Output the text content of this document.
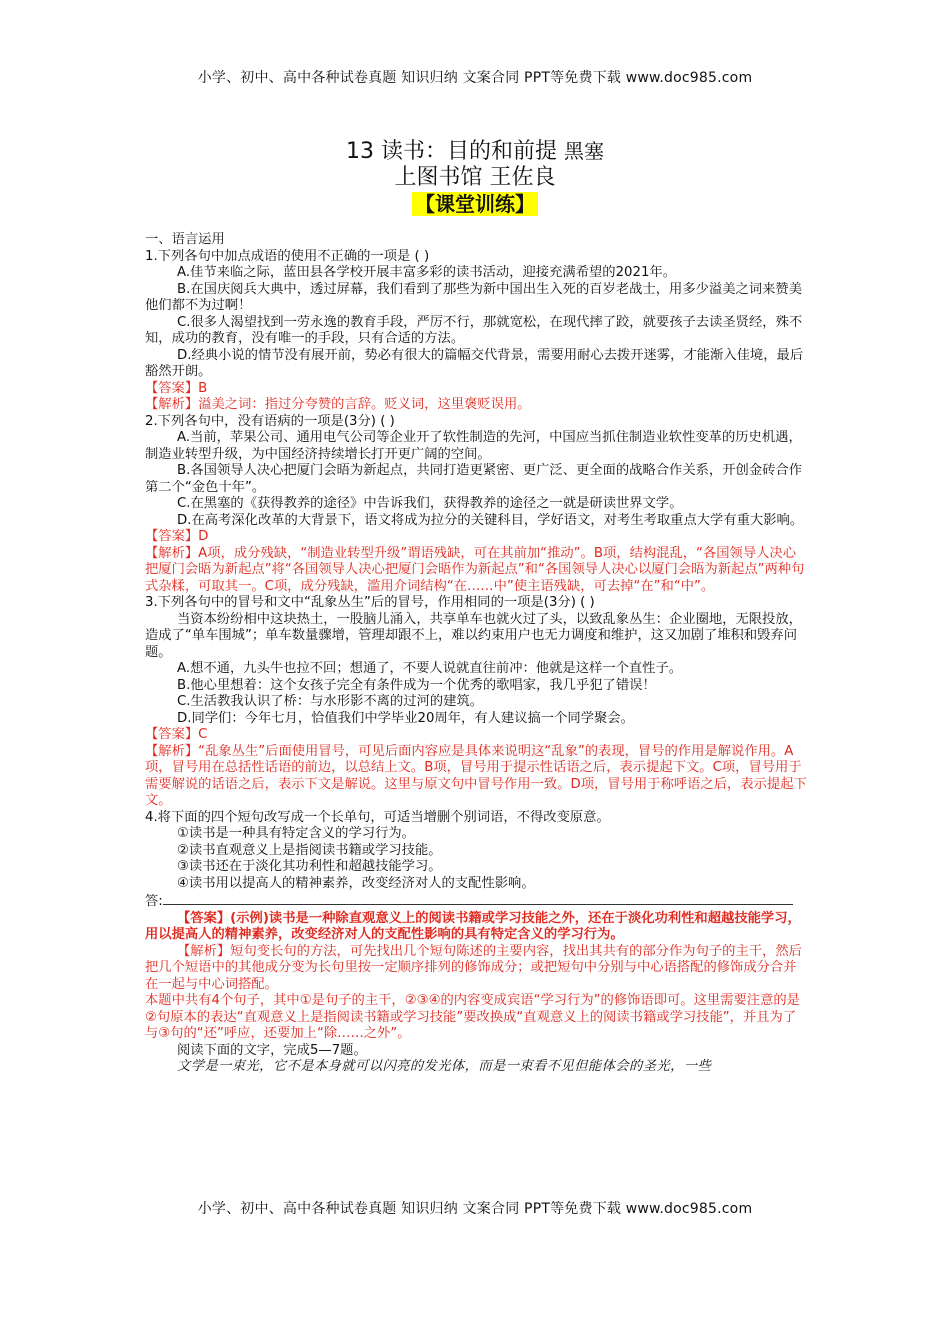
小学、初中、高中各种试卷真题 知识归纳 文案合同 PPT等免费下载 www.doc985.com
13 读书：目的和前提 黑塞
上图书馆 王佐良
【课堂训练】

一、语言运用

1.下列各句中加点成语的使用不正确的一项是 ( )

A.佳节来临之际，蓝田县各学校开展丰富多彩的读书活动，迎接充满希望的2021年。

B.在国庆阅兵大典中，透过屏幕，我们看到了那些为新中国出生入死的百岁老战士，用多少溢美之词来赞美他们都不为过啊！

C.很多人渴望找到一劳永逸的教育手段，严厉不行，那就宽松，在现代摔了跤，就要孩子去读圣贤经，殊不知，成功的教育，没有唯一的手段，只有合适的方法。

D.经典小说的情节没有展开前，势必有很大的篇幅交代背景，需要用耐心去拨开迷雾，才能渐入佳境，最后豁然开朗。

【答案】B

【解析】溢美之词：指过分夸赞的言辞。贬义词，这里褒贬误用。

2.下列各句中，没有语病的一项是(3分) ( )

A.当前，苹果公司、通用电气公司等企业开了软性制造的先河，中国应当抓住制造业软性变革的历史机遇，制造业转型升级，为中国经济持续增长打开更广阔的空间。

B.各国领导人决心把厦门会晤为新起点，共同打造更紧密、更广泛、更全面的战略合作关系，开创金砖合作第二个“金色十年”。

C.在黑塞的《获得教养的途径》中告诉我们，获得教养的途径之一就是研读世界文学。

D.在高考深化改革的大背景下，语文将成为拉分的关键科目，学好语文，对考生考取重点大学有重大影响。

【答案】D

【解析】A项，成分残缺，“制造业转型升级”谓语残缺，可在其前加“推动”。B项，结构混乱，“各国领导人决心把厦门会晤为新起点”将“各国领导人决心把厦门会晤作为新起点”和“各国领导人决心以厦门会晤为新起点”两种句式杂糅，可取其一。C项，成分残缺，滥用介词结构“在……中”使主语残缺，可去掉“在”和“中”。

3.下列各句中的冒号和文中“乱象丛生”后的冒号，作用相同的一项是(3分) ( )

当资本纷纷相中这块热土，一股脑儿涌入，共享单车也就火过了头，以致乱象丛生：企业圈地，无限投放，造成了“单车围城”；单车数量骤增，管理却跟不上，难以约束用户也无力调度和维护，这又加剧了堆积和毁弃问题。

A.想不通，九头牛也拉不回；想通了，不要人说就直往前冲：他就是这样一个直性子。

B.他心里想着：这个女孩子完全有条件成为一个优秀的歌唱家，我几乎犯了错误！

C.生活教我认识了桥：与水形影不离的过河的建筑。

D.同学们：今年七月，恰值我们中学毕业20周年，有人建议搞一个同学聚会。

【答案】C

【解析】“乱象丛生”后面使用冒号，可见后面内容应是具体来说明这“乱象”的表现，冒号的作用是解说作用。A项，冒号用在总括性话语的前边，以总结上文。B项，冒号用于提示性话语之后，表示提起下文。C项，冒号用于需要解说的话语之后，表示下文是解说。这里与原文句中冒号作用一致。D项，冒号用于称呼语之后，表示提起下文。

4.将下面的四个短句改写成一个长单句，可适当增删个别词语，不得改变原意。

①读书是一种具有特定含义的学习行为。

②读书直观意义上是指阅读书籍或学习技能。

③读书还在于淡化其功利性和超越技能学习。

④读书用以提高人的精神素养，改变经济对人的支配性影响。

答:

【答案】(示例)读书是一种除直观意义上的阅读书籍或学习技能之外，还在于淡化功利性和超越技能学习，用以提高人的精神素养，改变经济对人的支配性影响的具有特定含义的学习行为。

【解析】短句变长句的方法，可先找出几个短句陈述的主要内容，找出其共有的部分作为句子的主干，然后把几个短语中的其他成分变为长句里按一定顺序排列的修饰成分；或把短句中分别与中心语搭配的修饰成分合并在一起与中心词搭配。

本题中共有4个句子，其中①是句子的主干，②③④的内容变成宾语“学习行为”的修饰语即可。这里需要注意的是②句原本的表达“直观意义上是指阅读书籍或学习技能”要改换成“直观意义上的阅读书籍或学习技能”，并且为了与③句的“还”呼应，还要加上“除……之外”。

阅读下面的文字，完成5—7题。

文学是一束光，它不是本身就可以闪亮的发光体，而是一束看不见但能体会的圣光，一些

小学、初中、高中各种试卷真题 知识归纳 文案合同 PPT等免费下载 www.doc985.com
